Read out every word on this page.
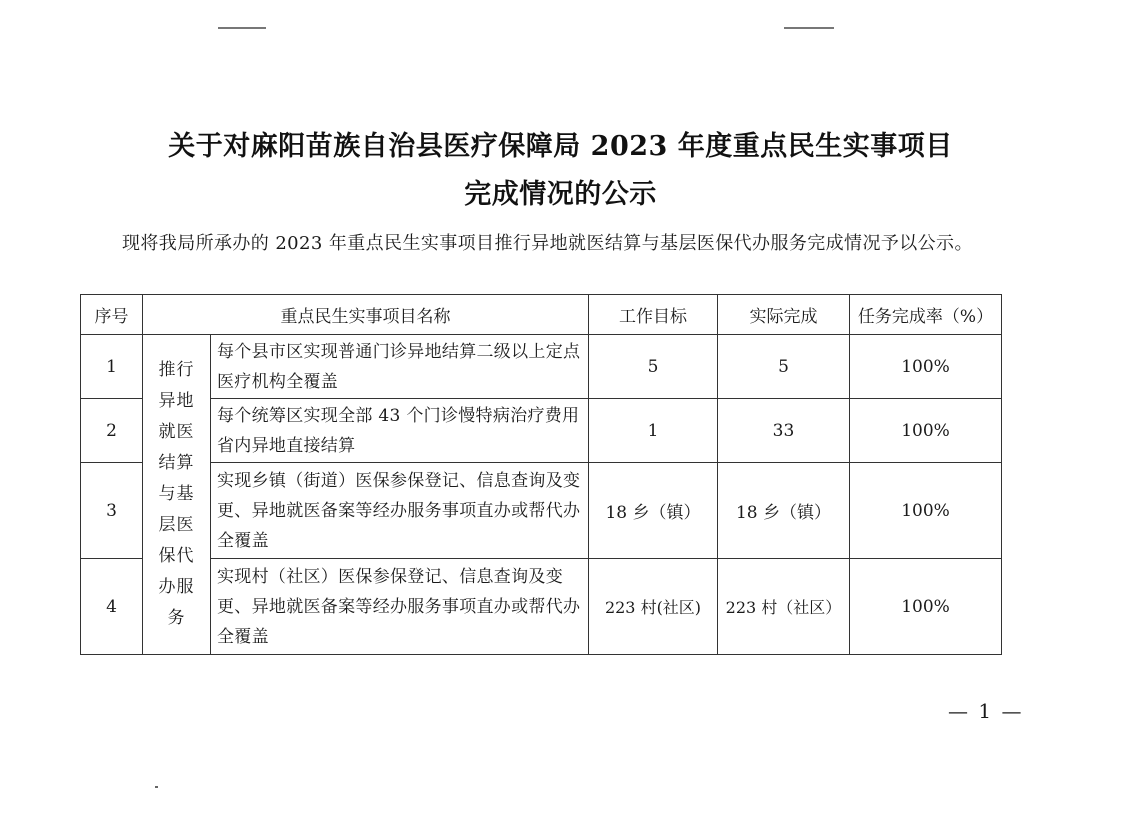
关于对麻阳苗族自治县医疗保障局 2023 年度重点民生实事项目
完成情况的公示
现将我局所承办的 2023 年重点民生实事项目推行异地就医结算与基层医保代办服务完成情况予以公示。
序号	重点民生实事项目名称		工作目标	实际完成	任务完成率（%）
1	推行异地就医结算与基层医保代办服务	每个县市区实现普通门诊异地结算二级以上定点医疗机构全覆盖	5	5	100%
2		每个统筹区实现全部 43 个门诊慢特病治疗费用省内异地直接结算	1	33	100%
3		实现乡镇（街道）医保参保登记、信息查询及变更、异地就医备案等经办服务事项直办或帮代办全覆盖	18 乡（镇）	18 乡（镇）	100%
4		实现村（社区）医保参保登记、信息查询及变更、异地就医备案等经办服务事项直办或帮代办全覆盖	223 村(社区)	223 村（社区）	100%
— 1 —
